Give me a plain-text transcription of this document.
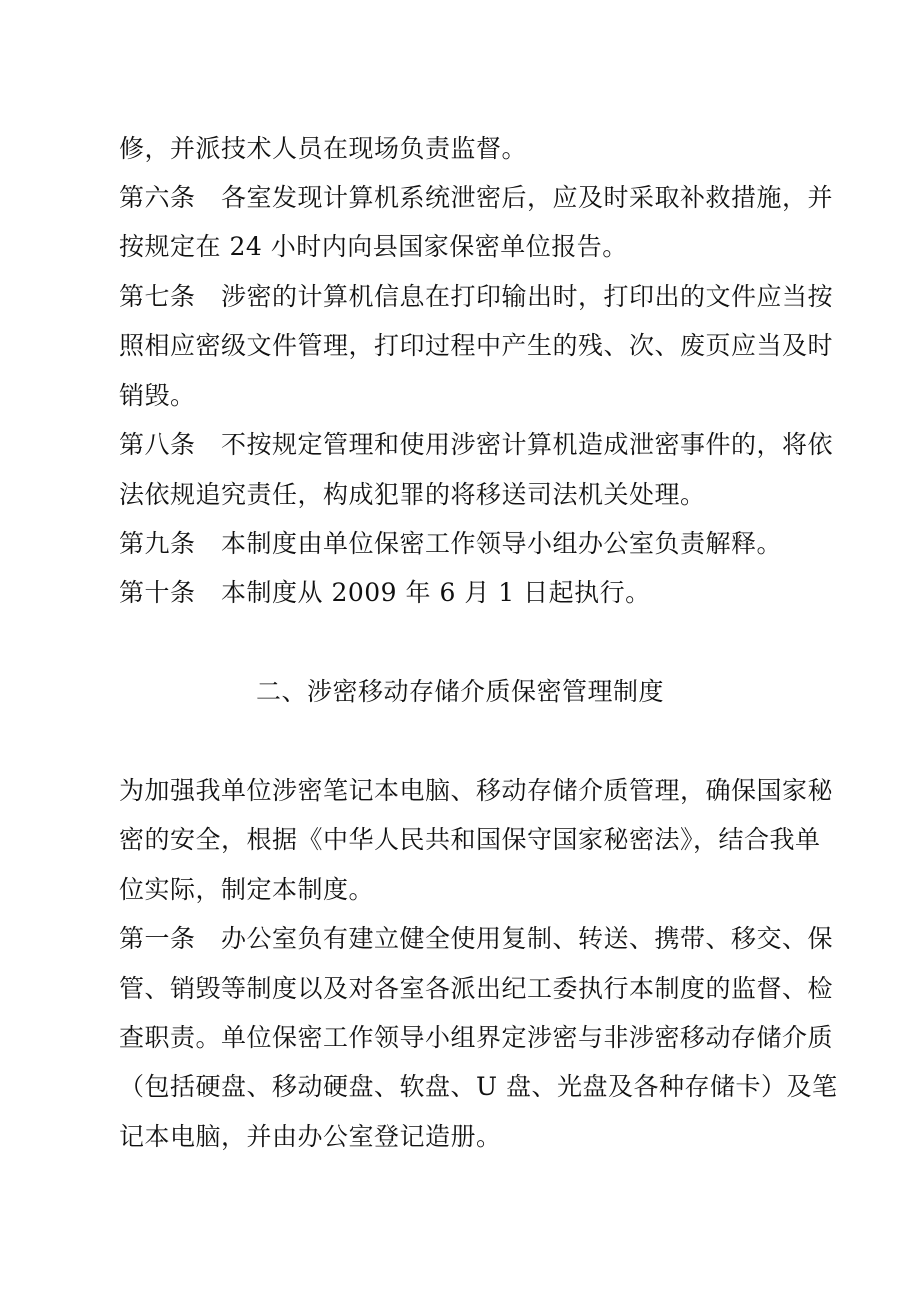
修，并派技术人员在现场负责监督。
第六条　各室发现计算机系统泄密后，应及时采取补救措施，并
按规定在 24 小时内向县国家保密单位报告。
第七条　涉密的计算机信息在打印输出时，打印出的文件应当按
照相应密级文件管理，打印过程中产生的残、次、废页应当及时
销毁。
第八条　不按规定管理和使用涉密计算机造成泄密事件的，将依
法依规追究责任，构成犯罪的将移送司法机关处理。
第九条　本制度由单位保密工作领导小组办公室负责解释。
第十条　本制度从 2009 年 6 月 1 日起执行。
二、涉密移动存储介质保密管理制度
为加强我单位涉密笔记本电脑、移动存储介质管理，确保国家秘
密的安全，根据《中华人民共和国保守国家秘密法》，结合我单
位实际，制定本制度。
第一条　办公室负有建立健全使用复制、转送、携带、移交、保
管、销毁等制度以及对各室各派出纪工委执行本制度的监督、检
查职责。单位保密工作领导小组界定涉密与非涉密移动存储介质
（包括硬盘、移动硬盘、软盘、U 盘、光盘及各种存储卡）及笔
记本电脑，并由办公室登记造册。
